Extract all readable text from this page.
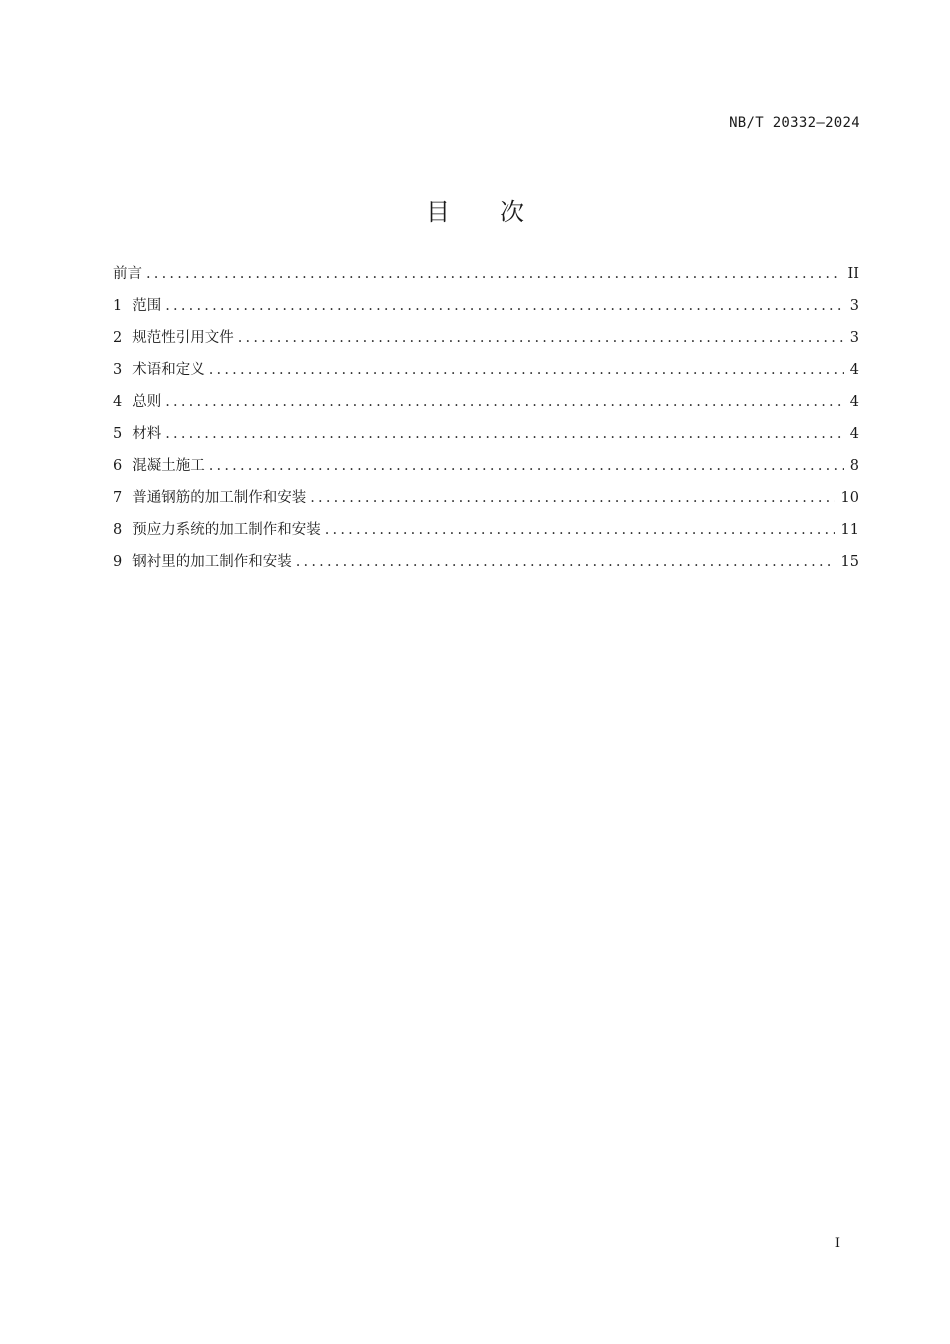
NB/T 20332—2024
目次
前言 .....	II
1 范围 .....	3
2 规范性引用文件 .....	3
3 术语和定义 .....	4
4 总则 .....	4
5 材料 .....	4
6 混凝土施工 .....	8
7 普通钢筋的加工制作和安装 .....	10
8 预应力系统的加工制作和安装 .....	11
9 钢衬里的加工制作和安装 .....	15
I
